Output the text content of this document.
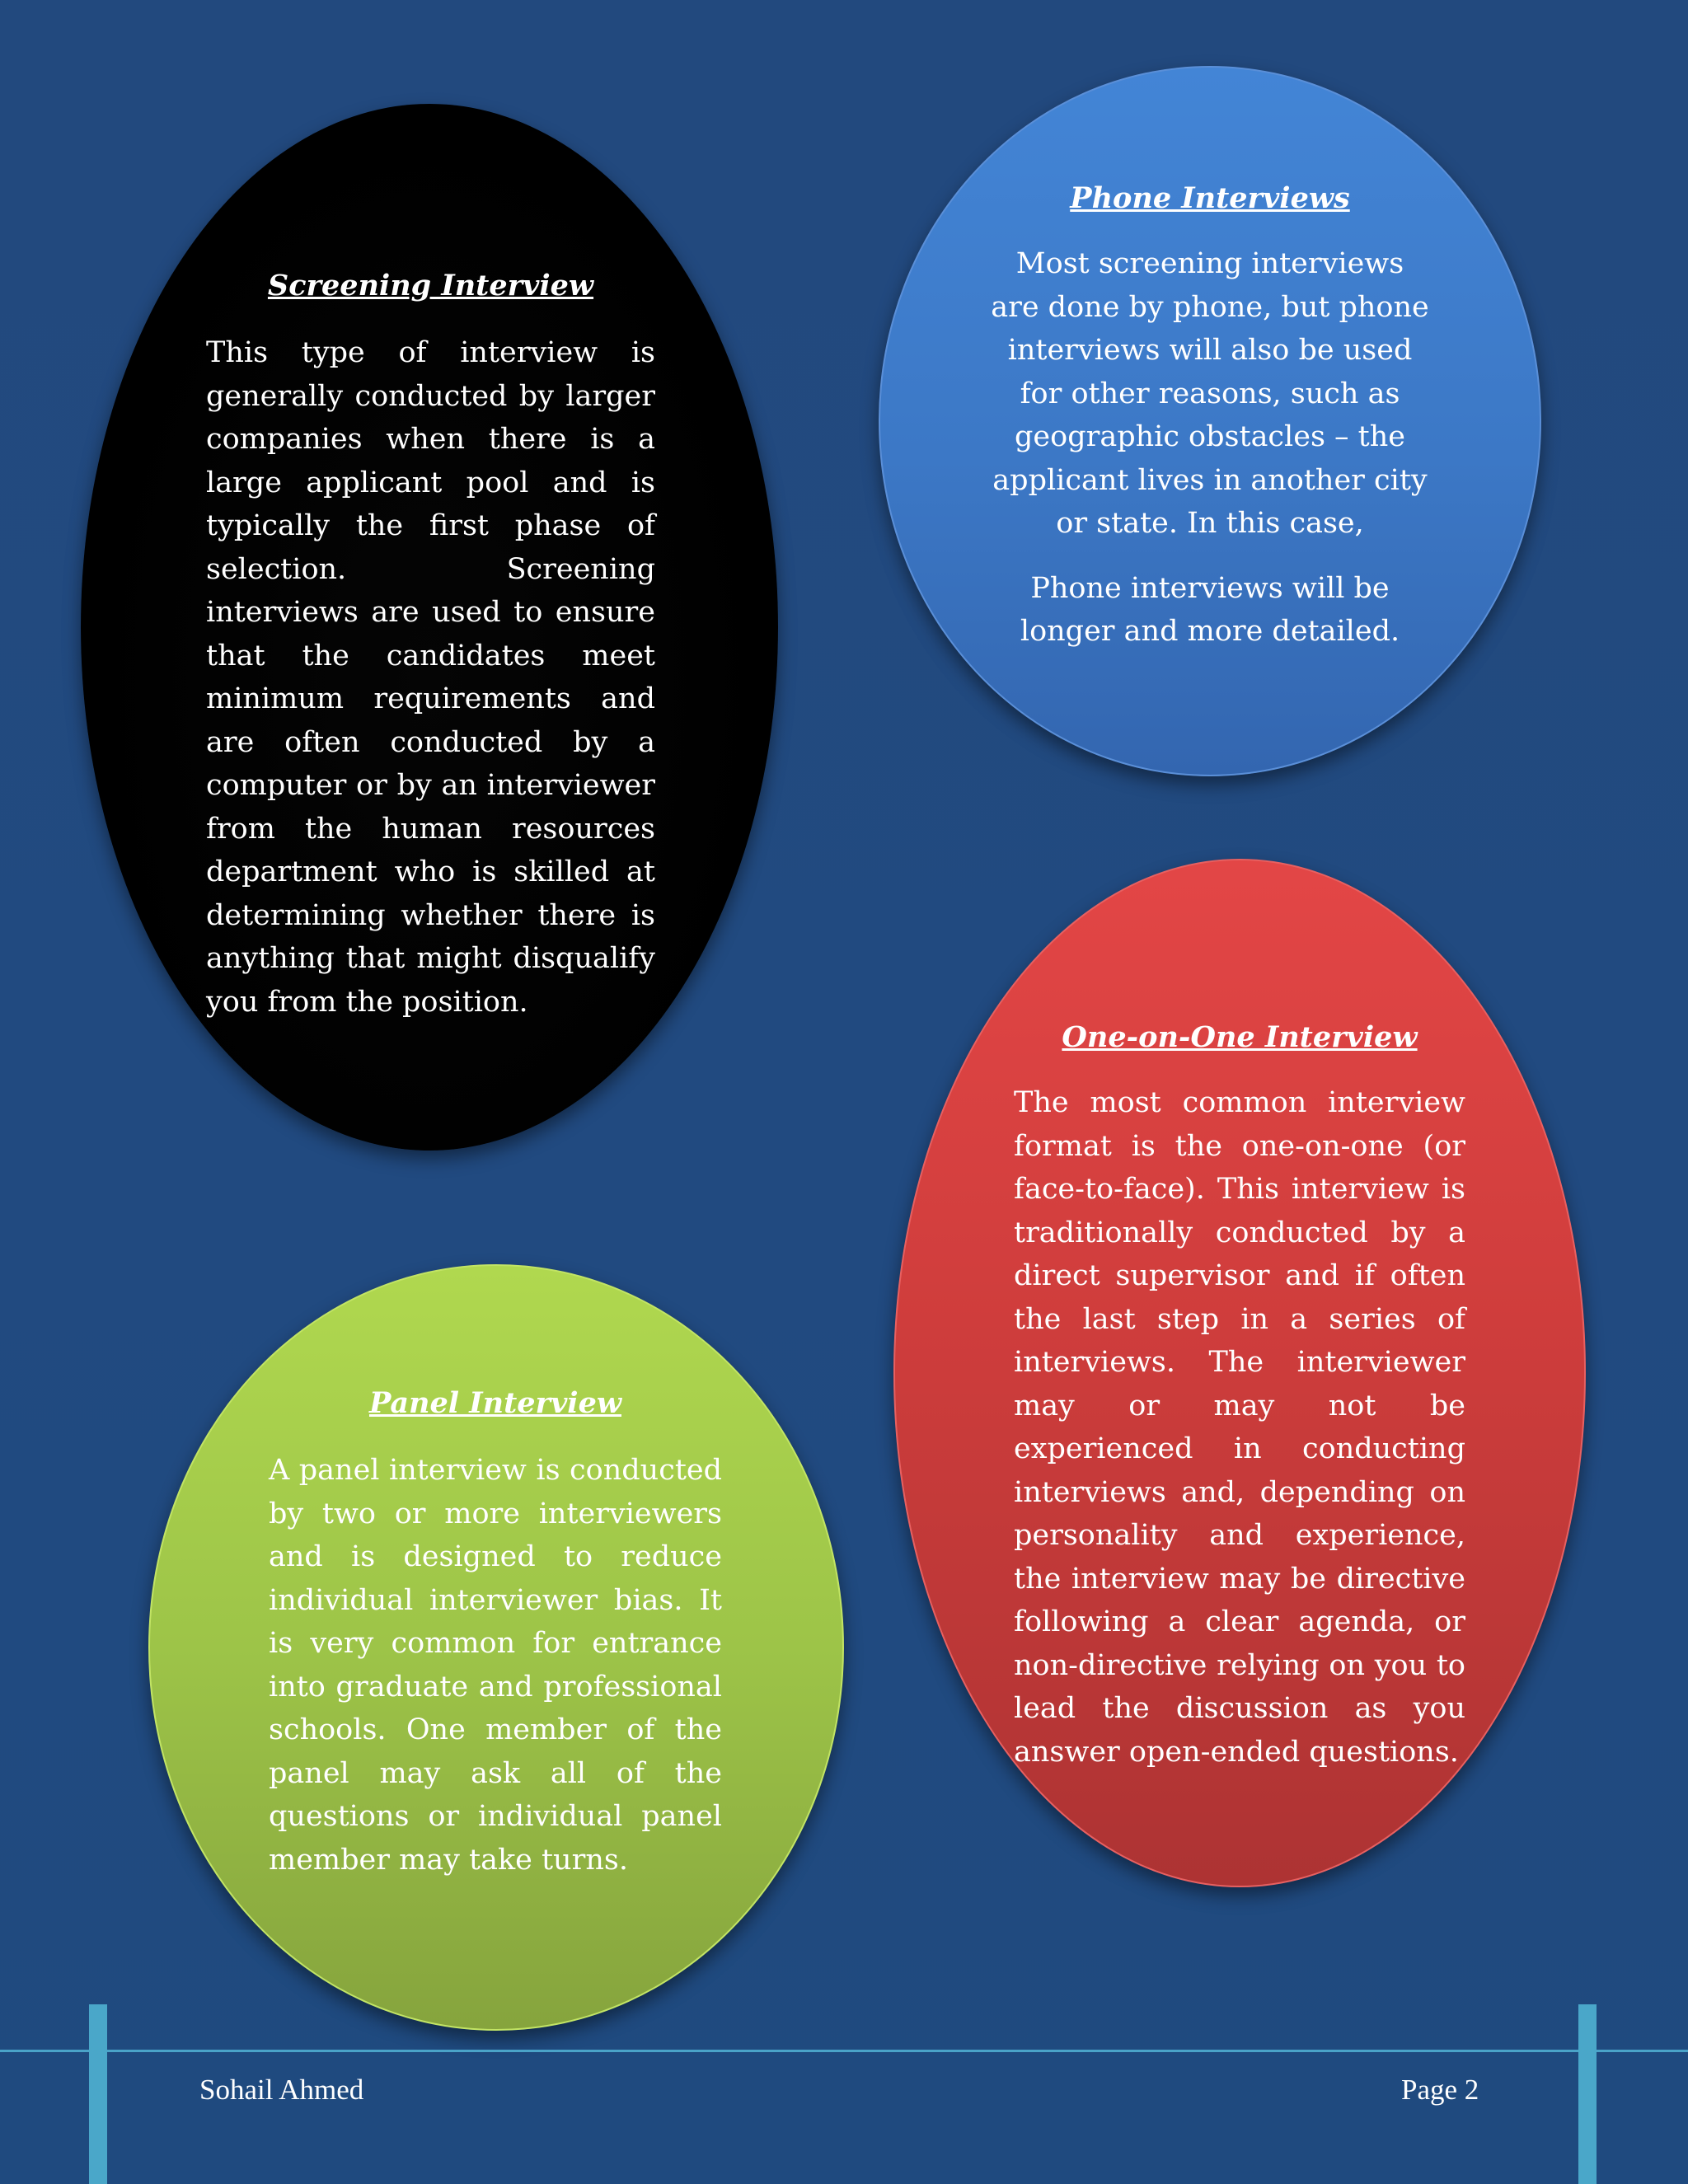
Screening Interview

This type of interview is generally conducted by larger companies when there is a large applicant pool and is typically the first phase of selection. Screening interviews are used to ensure that the candidates meet minimum requirements and are often conducted by a computer or by an interviewer from the human resources department who is skilled at determining whether there is anything that might disqualify you from the position.

Phone Interviews

Most screening interviews are done by phone, but phone interviews will also be used for other reasons, such as geographic obstacles – the applicant lives in another city or state. In this case,

Phone interviews will be longer and more detailed.

One-on-One Interview

The most common interview format is the one-on-one (or face-to-face). This interview is traditionally conducted by a direct supervisor and if often the last step in a series of interviews. The interviewer may or may not be experienced in conducting interviews and, depending on personality and experience, the interview may be directive following a clear agenda, or non-directive relying on you to lead the discussion as you answer open-ended questions.

Panel Interview

A panel interview is conducted by two or more interviewers and is designed to reduce individual interviewer bias. It is very common for entrance into graduate and professional schools. One member of the panel may ask all of the questions or individual panel member may take turns.

Sohail Ahmed	Page 2
